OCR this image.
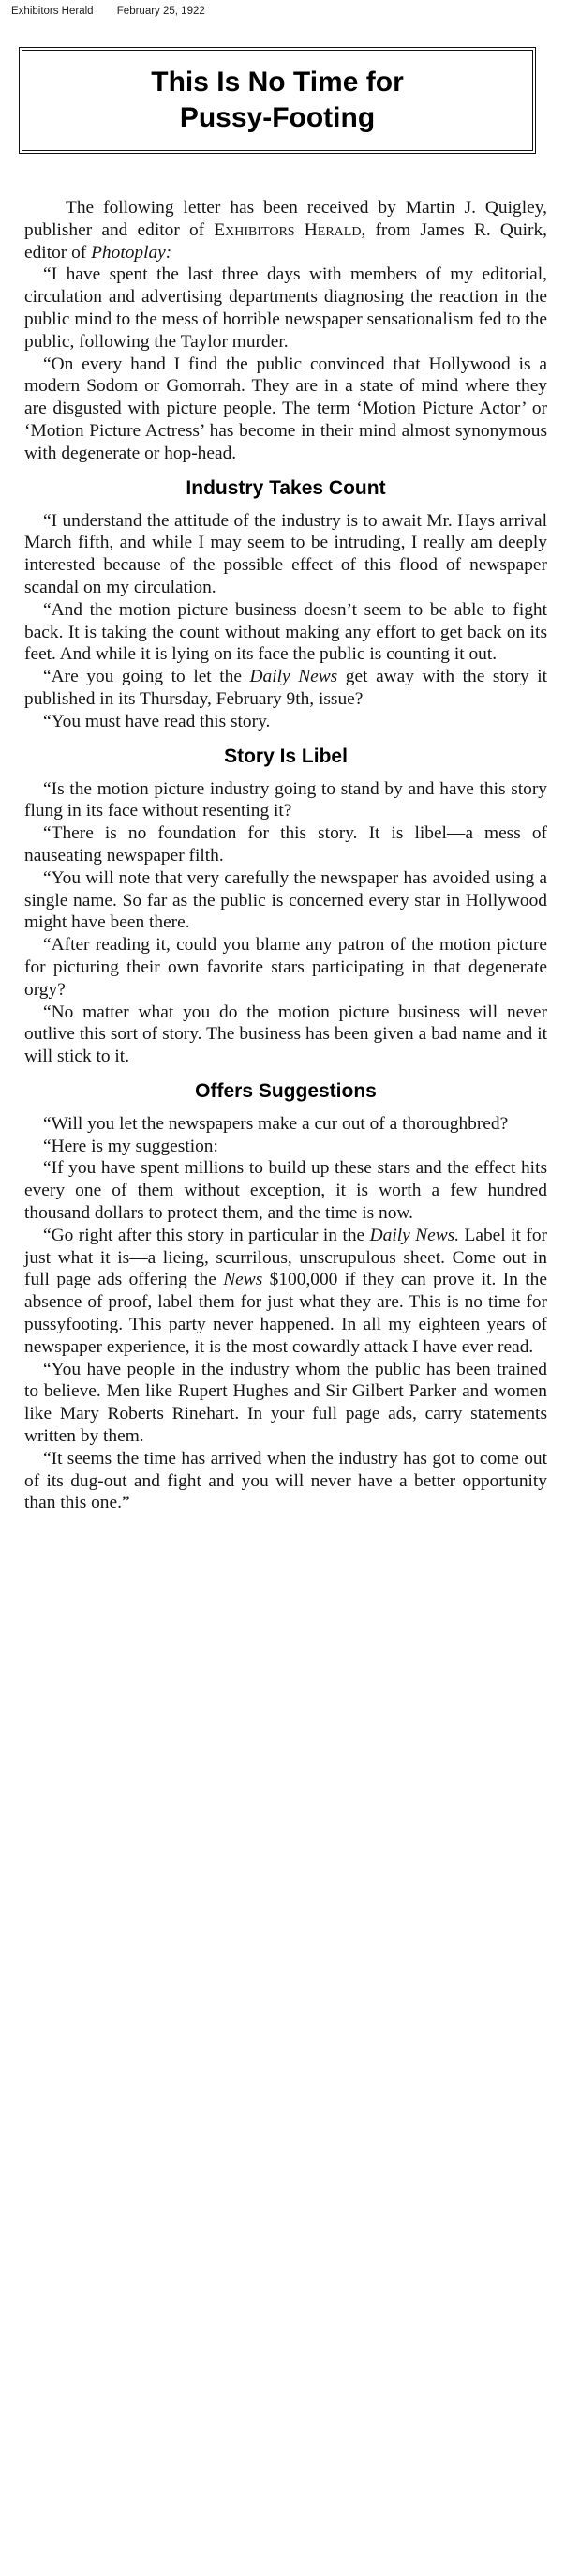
Exhibitors Herald February 25, 1922
This Is No Time for
Pussy-Footing

The following letter has been received by Martin J. Quigley, publisher and editor of Exhibitors Herald, from James R. Quirk, editor of Photoplay:

“I have spent the last three days with members of my editorial, circulation and advertising departments diagnosing the reaction in the public mind to the mess of horrible newspaper sensationalism fed to the public, following the Taylor murder.

“On every hand I find the public convinced that Hollywood is a modern Sodom or Gomorrah. They are in a state of mind where they are disgusted with picture people. The term ‘Motion Picture Actor’ or ‘Motion Picture Actress’ has become in their mind almost synonymous with degenerate or hop-head.

Industry Takes Count

“I understand the attitude of the industry is to await Mr. Hays arrival March fifth, and while I may seem to be intruding, I really am deeply interested because of the possible effect of this flood of newspaper scandal on my circulation.

“And the motion picture business doesn’t seem to be able to fight back. It is taking the count without making any effort to get back on its feet. And while it is lying on its face the public is counting it out.

“Are you going to let the Daily News get away with the story it published in its Thursday, February 9th, issue?

“You must have read this story.

Story Is Libel

“Is the motion picture industry going to stand by and have this story flung in its face without resenting it?

“There is no foundation for this story. It is libel—a mess of nauseating newspaper filth.

“You will note that very carefully the newspaper has avoided using a single name. So far as the public is concerned every star in Hollywood might have been there.

“After reading it, could you blame any patron of the motion picture for picturing their own favorite stars participating in that degenerate orgy?

“No matter what you do the motion picture business will never outlive this sort of story. The business has been given a bad name and it will stick to it.

Offers Suggestions

“Will you let the newspapers make a cur out of a thoroughbred?

“Here is my suggestion:

“If you have spent millions to build up these stars and the effect hits every one of them without exception, it is worth a few hundred thousand dollars to protect them, and the time is now.

“Go right after this story in particular in the Daily News. Label it for just what it is—a lieing, scurrilous, unscrupulous sheet. Come out in full page ads offering the News $100,000 if they can prove it. In the absence of proof, label them for just what they are. This is no time for pussyfooting. This party never happened. In all my eighteen years of newspaper experience, it is the most cowardly attack I have ever read.

“You have people in the industry whom the public has been trained to believe. Men like Rupert Hughes and Sir Gilbert Parker and women like Mary Roberts Rinehart. In your full page ads, carry statements written by them.

“It seems the time has arrived when the industry has got to come out of its dug-out and fight and you will never have a better opportunity than this one.”
